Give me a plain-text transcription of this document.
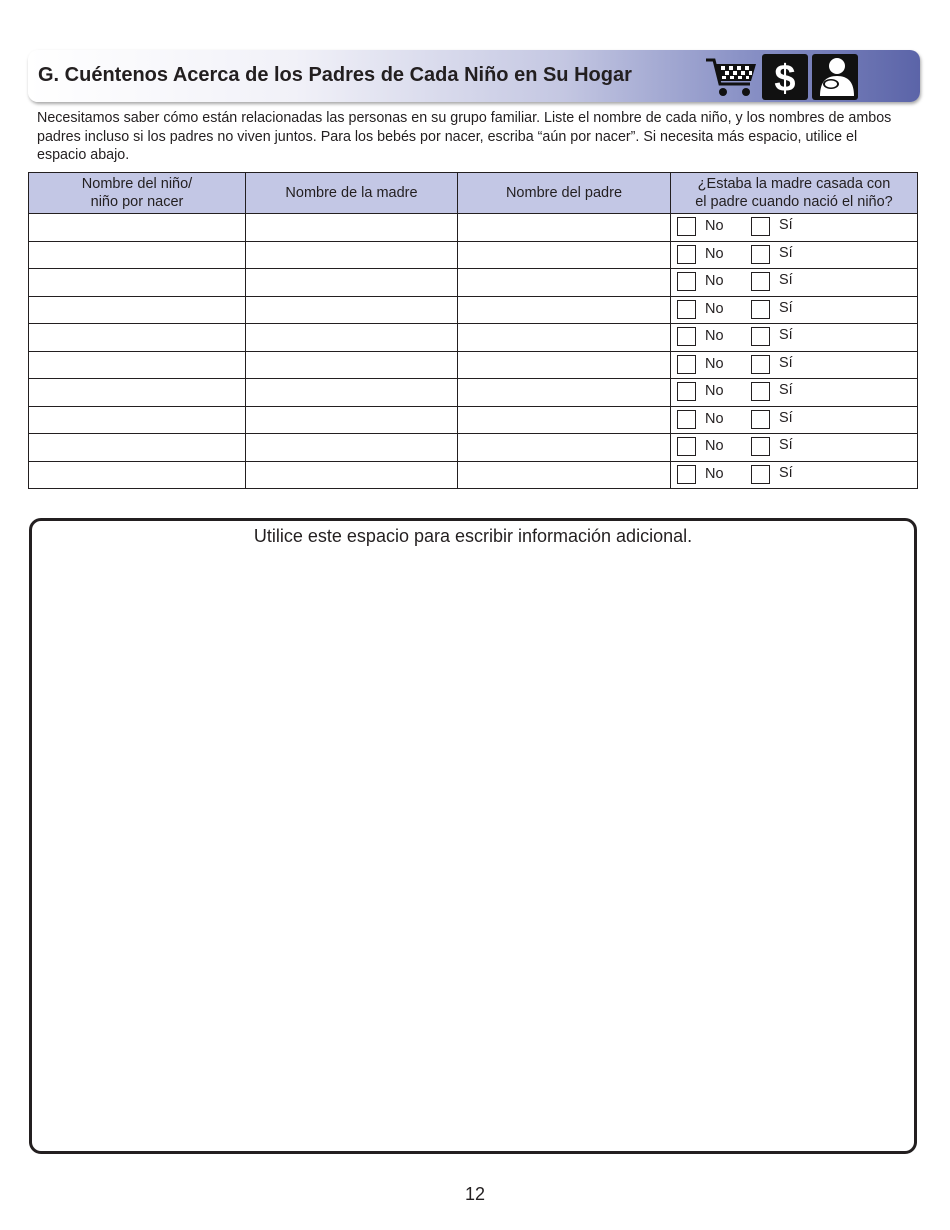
G. Cuéntenos Acerca de los Padres de Cada Niño en Su Hogar	$
Necesitamos saber cómo están relacionadas las personas en su grupo familiar. Liste el nombre de cada niño, y los nombres de ambos padres incluso si los padres no viven juntos. Para los bebés por nacer, escriba “aún por nacer”. Si necesita más espacio, utilice el espacio abajo.
Nombre del niño/
niño por nacer	Nombre de la madre	Nombre del padre	¿Estaba la madre casada con
el padre cuando nació el niño?

			No Sí

			No Sí

			No Sí

			No Sí

			No Sí

			No Sí

			No Sí

			No Sí

			No Sí

			No Sí
Utilice este espacio para escribir información adicional.
12
